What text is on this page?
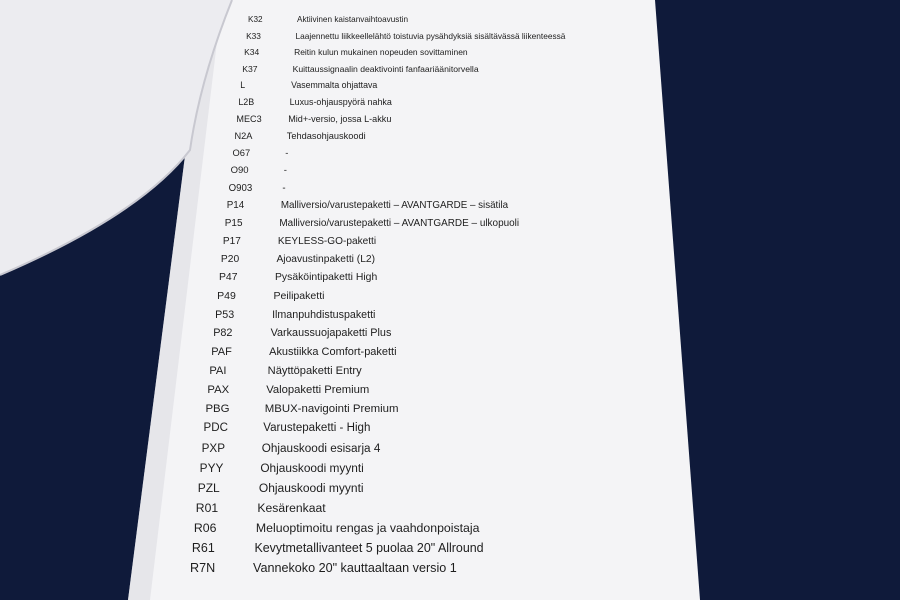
K32	Aktiivinen kaistanvaihtoavustin
K33	Laajennettu liikkeellelähtö toistuvia pysähdyksiä sisältävässä liikenteessä
K34	Reitin kulun mukainen nopeuden sovittaminen
K37	Kuittaussignaalin deaktivointi fanfaariäänitorvella
L	Vasemmalta ohjattava
L2B	Luxus-ohjauspyörä nahka
MEC3	Mid+-versio, jossa L-akku
N2A	Tehdasohjauskoodi
O67	-
O90	-
O903	-
P14	Malliversio/varustepaketti – AVANTGARDE – sisätila
P15	Malliversio/varustepaketti – AVANTGARDE – ulkopuoli
P17	KEYLESS-GO-paketti
P20	Ajoavustinpaketti (L2)
P47	Pysäköintipaketti High
P49	Peilipaketti
P53	Ilmanpuhdistuspaketti
P82	Varkaussuojapaketti Plus
PAF	Akustiikka Comfort-paketti
PAI	Näyttöpaketti Entry
PAX	Valopaketti Premium
PBG	MBUX-navigointi Premium
PDC	Varustepaketti - High
PXP	Ohjauskoodi esisarja 4
PYY	Ohjauskoodi myynti
PZL	Ohjauskoodi myynti
R01	Kesärenkaat
R06	Meluoptimoitu rengas ja vaahdonpoistaja
R61	Kevytmetallivanteet 5 puolaa 20" Allround
R7N	Vannekoko 20" kauttaaltaan versio 1
